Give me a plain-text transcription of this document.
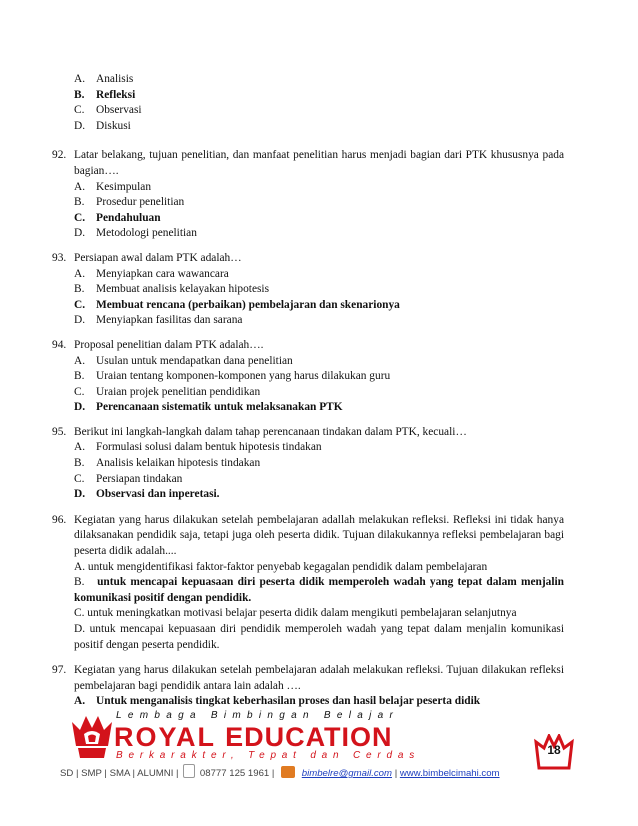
A. Analisis
B.	Refleksi
C.	Observasi
D. Diskusi
92. Latar belakang, tujuan penelitian, dan manfaat penelitian harus menjadi bagian dari PTK khususnya pada bagian….
A. Kesimpulan
B.	Prosedur penelitian
C. Pendahuluan
D. Metodologi penelitian
93. Persiapan awal dalam PTK adalah…
A. Menyiapkan cara wawancara
B.	Membuat analisis kelayakan hipotesis
C. Membuat rencana (perbaikan) pembelajaran dan skenarionya
D. Menyiapkan fasilitas dan sarana
94. Proposal penelitian dalam PTK adalah….
A. Usulan untuk mendapatkan dana penelitian
B.	Uraian tentang komponen-komponen yang harus dilakukan guru
C.	Uraian projek penelitian pendidikan
D. Perencanaan sistematik untuk melaksanakan PTK
95. Berikut ini langkah-langkah dalam tahap perencanaan tindakan dalam PTK, kecuali…
A. Formulasi solusi dalam bentuk hipotesis tindakan
B.	Analisis kelaikan hipotesis tindakan
C.	Persiapan tindakan
D. Observasi dan inperetasi.
96. Kegiatan yang harus dilakukan setelah pembelajaran adallah melakukan refleksi. Refleksi ini tidak hanya dilaksanakan pendidik saja, tetapi juga oleh peserta didik. Tujuan dilakukannya refleksi pembelajaran bagi peserta didik adalah....
A. untuk mengidentifikasi faktor-faktor penyebab kegagalan pendidik dalam pembelajaran
B. untuk mencapai kepuasaan diri peserta didik memperoleh wadah yang tepat dalam menjalin komunikasi positif dengan pendidik.
C. untuk meningkatkan motivasi belajar peserta didik dalam mengikuti pembelajaran selanjutnya
D. untuk mencapai kepuasaan diri pendidik memperoleh wadah yang tepat dalam menjalin komunikasi positif dengan peserta pendidik.
97. Kegiatan yang harus dilakukan setelah pembelajaran adalah melakukan refleksi. Tujuan dilakukan refleksi pembelajaran bagi pendidik antara lain adalah ….
A. Untuk menganalisis tingkat keberhasilan proses dan hasil belajar peserta didik
Lembaga Bimbingan Belajar
ROYAL EDUCATION
Berkarakter, Tepat dan Cerdas
SD | SMP | SMA | ALUMNI | 08777 125 1961 |	bimbelre@gmail.com | www.bimbelcimahi.com
18
